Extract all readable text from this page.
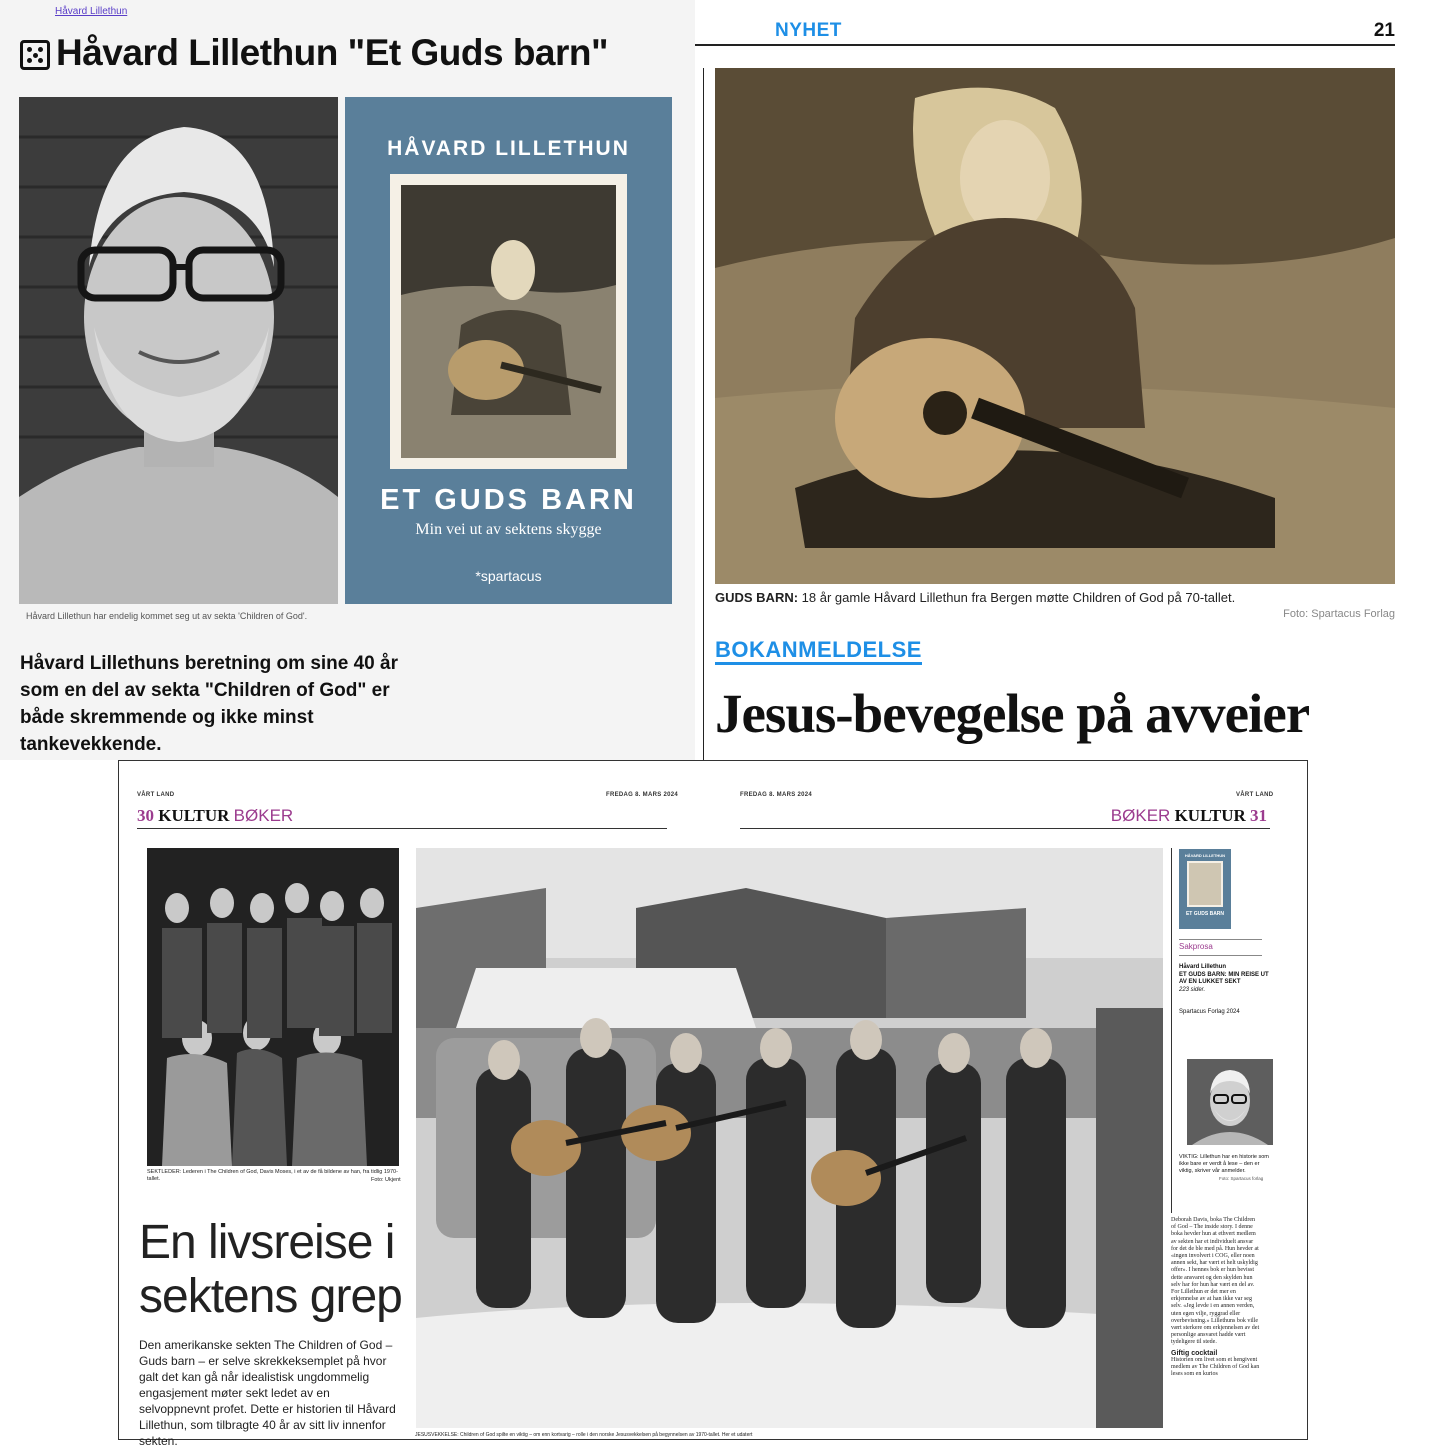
Håvard Lillethun
Håvard Lillethun "Et Guds barn"
HÅVARD LILLETHUN
ET GUDS BARN
Min vei ut av sektens skygge
*spartacus
Håvard Lillethun har endelig kommet seg ut av sekta 'Children of God'.

Håvard Lillethuns beretning om sine 40 år som en del av sekta "Children of God" er både skremmende og ikke minst tankevekkende.

NYHET	21
GUDS BARN: 18 år gamle Håvard Lillethun fra Bergen møtte Children of God på 70-tallet.
Foto: Spartacus Forlag
BOKANMELDELSE
Jesus-bevegelse på avveier
VÅRT LAND	FREDAG 8. MARS 2024	FREDAG 8. MARS 2024	VÅRT LAND
30 KULTUR BØKER	BØKER KULTUR 31
SEKTLEDER: Lederen i The Children of God, Davis Moses, i et av de få bildene av han, fra tidlig 1970-tallet.	Foto: Ukjent
En livsreise i
sektens grep

Den amerikanske sekten The Children of God – Guds barn – er selve skrekkeksemplet på hvor galt det kan gå når idealistisk ungdommelig engasjement møter sekt ledet av en selvoppnevnt profet. Dette er historien til Håvard Lillethun, som tilbragte 40 år av sitt liv innenfor sekten.	JESUSVEKKELSE: Children of God spilte en viktig – om enn kortvarig – rolle i den norske Jesusvekkelsen på begynnelsen av 1970-tallet. Her et udatert
HÅVARD LILLETHUN
ET GUDS BARN
Sakprosa
Håvard Lillethun
ET GUDS BARN: MIN REISE UT AV EN LUKKET SEKT
223 sider.
Spartacus Forlag 2024
VIKTIG: Lillethun har en historie som ikke bare er verdt å lese – den er viktig, skriver vår anmelder.
Foto: Spartacus forlag
Deborah Davis, boka The Children of God – The inside story. I denne boka hevder hun at ethvert medlem av sekten har et individuelt ansvar for det de ble med på. Hun hevder at «ingen involvert i COG, eller noen annen sekt, har vært et helt uskyldig offer». I hennes bok er hun bevisst dette ansvaret og den skylden hun selv har for hun har vært en del av. For Lillethun er det mer en erkjennelse av at han ikke var seg selv. «Jeg levde i en annen verden, uten egen vilje, ryggrad eller overbevisning.» Lillethuns bok ville vært sterkere om erkjennelsen av det personlige ansvaret hadde vært tydeligere til stede.
Giftig cocktail
Historien om livet som et hengivent medlem av The Children of God kan leses som en kurios
